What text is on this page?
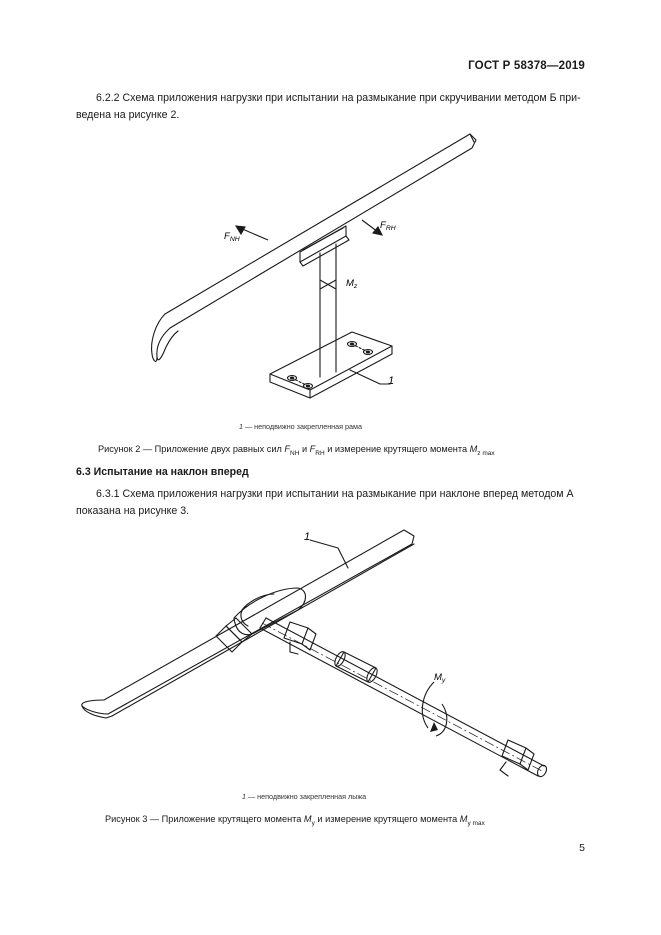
ГОСТ Р 58378—2019
6.2.2 Схема приложения нагрузки при испытании на размыкание при скручивании методом Б при-ведена на рисунке 2.
$F_{NH}$
$F_{RH}$
$M_z$
1
1 — неподвижно закрепленная рама
Рисунок 2 — Приложение двух равных сил $F_{NH}$ и $F_{RH}$ и измерение крутящего момента $M_{z max}$
6.3 Испытание на наклон вперед
6.3.1 Схема приложения нагрузки при испытании на размыкание при наклоне вперед методом А показана на рисунке 3.
1
$M_y$
1 — неподвижно закрепленная лыжа
Рисунок 3 — Приложение крутящего момента $M_y$ и измерение крутящего момента $M_{y max}$
5
